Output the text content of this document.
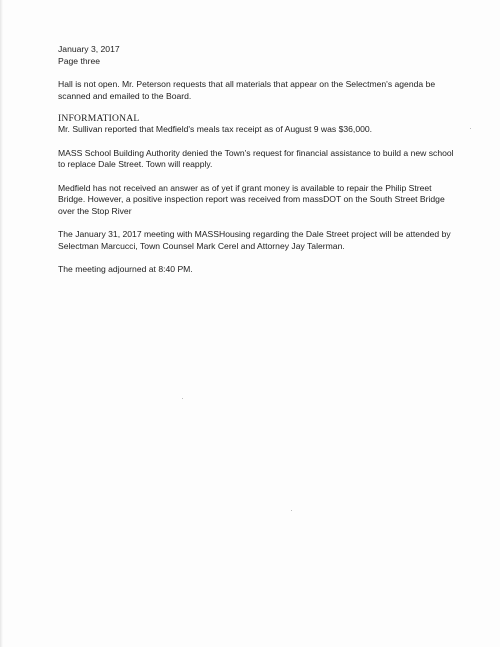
January 3, 2017

Page three

Hall is not open. Mr. Peterson requests that all materials that appear on the Selectmen's agenda be scanned and emailed to the Board.

INFORMATIONAL

Mr. Sullivan reported that Medfield's meals tax receipt as of August 9 was $36,000.

MASS School Building Authority denied the Town's request for financial assistance to build a new school to replace Dale Street. Town will reapply.

Medfield has not received an answer as of yet if grant money is available to repair the Philip Street Bridge. However, a positive inspection report was received from massDOT on the South Street Bridge over the Stop River

The January 31, 2017 meeting with MASSHousing regarding the Dale Street project will be attended by Selectman Marcucci, Town Counsel Mark Cerel and Attorney Jay Talerman.

The meeting adjourned at 8:40 PM.
